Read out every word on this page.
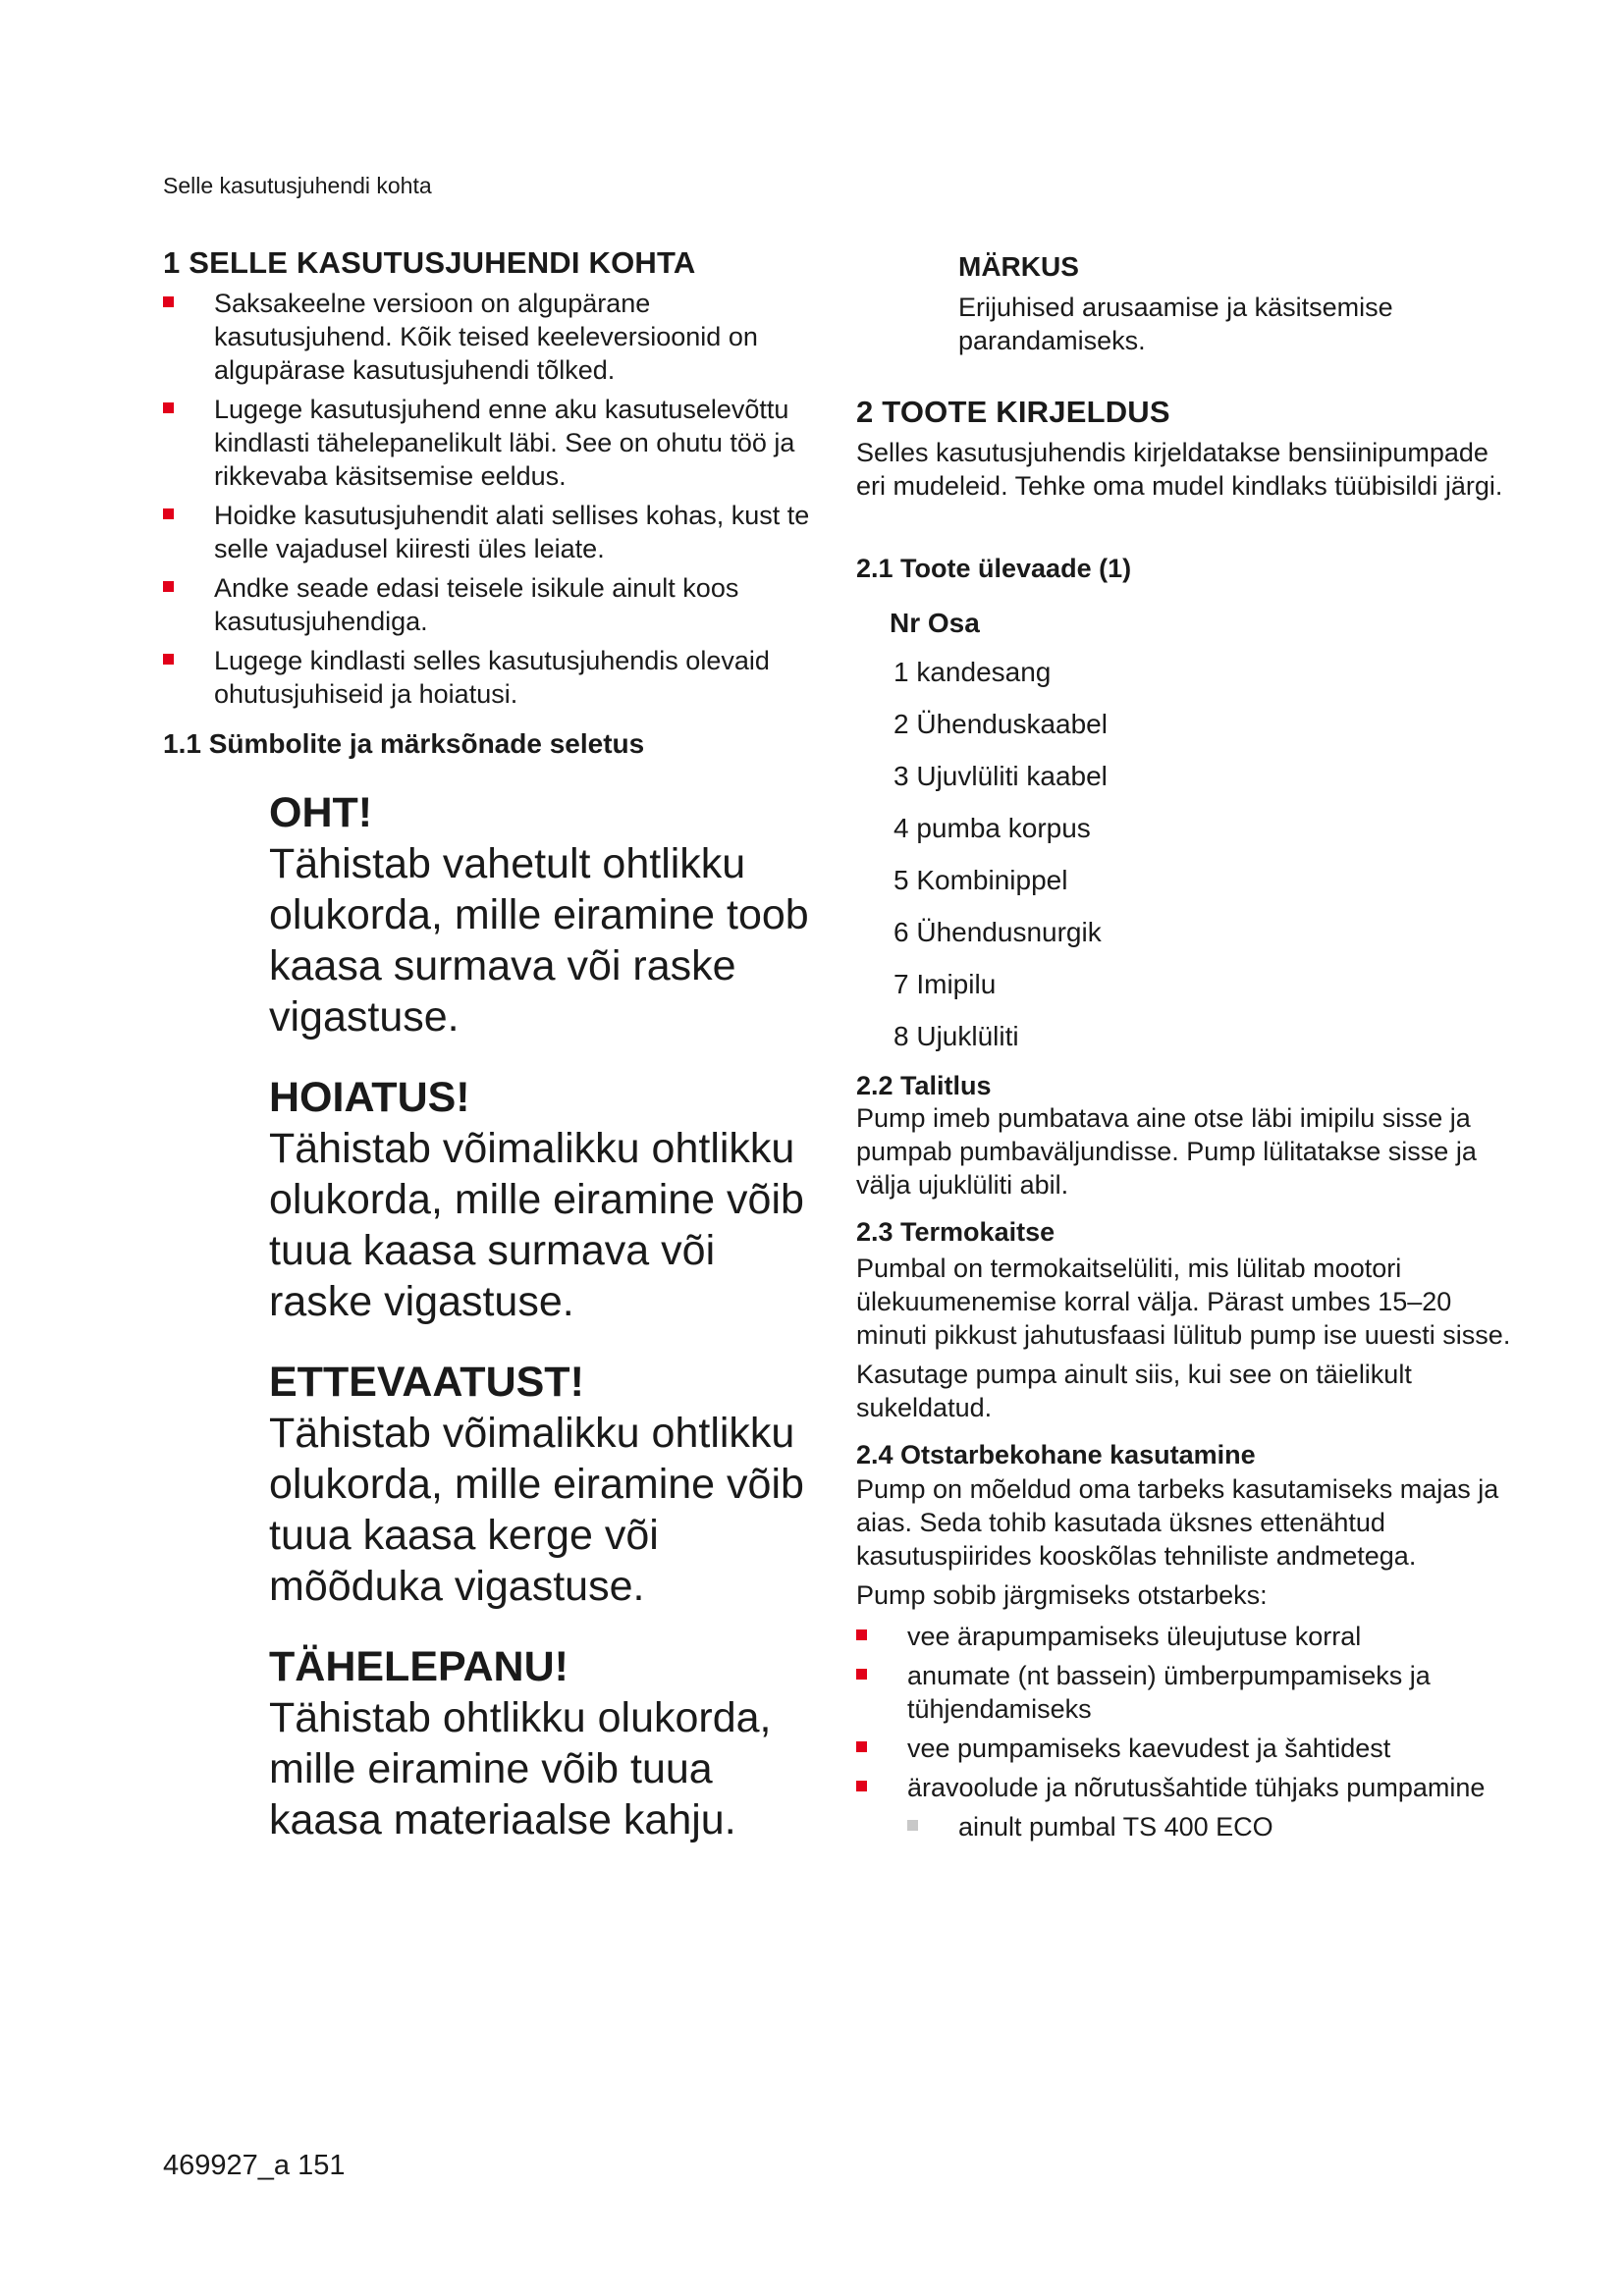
Selle kasutusjuhendi kohta
1 SELLE KASUTUSJUHENDI KOHTA
Saksakeelne versioon on algupärane kasutusjuhend. Kõik teised keeleversioonid on algupärase kasutusjuhendi tõlked.
Lugege kasutusjuhend enne aku kasutuselevõttu kindlasti tähelepanelikult läbi. See on ohutu töö ja rikkevaba käsitsemise eeldus.
Hoidke kasutusjuhendit alati sellises kohas, kust te selle vajadusel kiiresti üles leiate.
Andke seade edasi teisele isikule ainult koos kasutusjuhendiga.
Lugege kindlasti selles kasutusjuhendis olevaid ohutusjuhiseid ja hoiatusi.
1.1 Sümbolite ja märksõnade seletus

OHT!

Tähistab vahetult ohtlikku olukorda, mille eiramine toob kaasa surmava või raske vigastuse.

HOIATUS!

Tähistab võimalikku ohtlikku olukorda, mille eiramine võib tuua kaasa surmava või raske vigastuse.

ETTEVAATUST!

Tähistab võimalikku ohtlikku olukorda, mille eiramine võib tuua kaasa kerge või mõõduka vigastuse.

TÄHELEPANU!

Tähistab ohtlikku olukorda, mille eiramine võib tuua kaasa materiaalse kahju.

MÄRKUS

Erijuhised arusaamise ja käsitsemise parandamiseks.

2 TOOTE KIRJELDUS

Selles kasutusjuhendis kirjeldatakse bensiinipumpade eri mudeleid. Tehke oma mudel kindlaks tüübisildi järgi.

2.1 Toote ülevaade (1)
Nr Osa
1 kandesang
2 Ühenduskaabel
3 Ujuvlüliti kaabel
4 pumba korpus
5 Kombinippel
6 Ühendusnurgik
7 Imipilu
8 Ujuklüliti
2.2 Talitlus

Pump imeb pumbatava aine otse läbi imipilu sisse ja pumpab pumbaväljundisse. Pump lülitatakse sisse ja välja ujuklüliti abil.

2.3 Termokaitse

Pumbal on termokaitselüliti, mis lülitab mootori ülekuumenemise korral välja. Pärast umbes 15–20 minuti pikkust jahutusfaasi lülitub pump ise uuesti sisse.

Kasutage pumpa ainult siis, kui see on täielikult sukeldatud.

2.4 Otstarbekohane kasutamine

Pump on mõeldud oma tarbeks kasutamiseks majas ja aias. Seda tohib kasutada üksnes ettenähtud kasutuspiirides kooskõlas tehniliste andmetega.

Pump sobib järgmiseks otstarbeks:

vee ärapumpamiseks üleujutuse korral
anumate (nt bassein) ümberpumpamiseks ja tühjendamiseks
vee pumpamiseks kaevudest ja šahtidest
äravoolude ja nõrutusšahtide tühjaks pumpamine
ainult pumbal TS 400 ECO
469927_a 151
